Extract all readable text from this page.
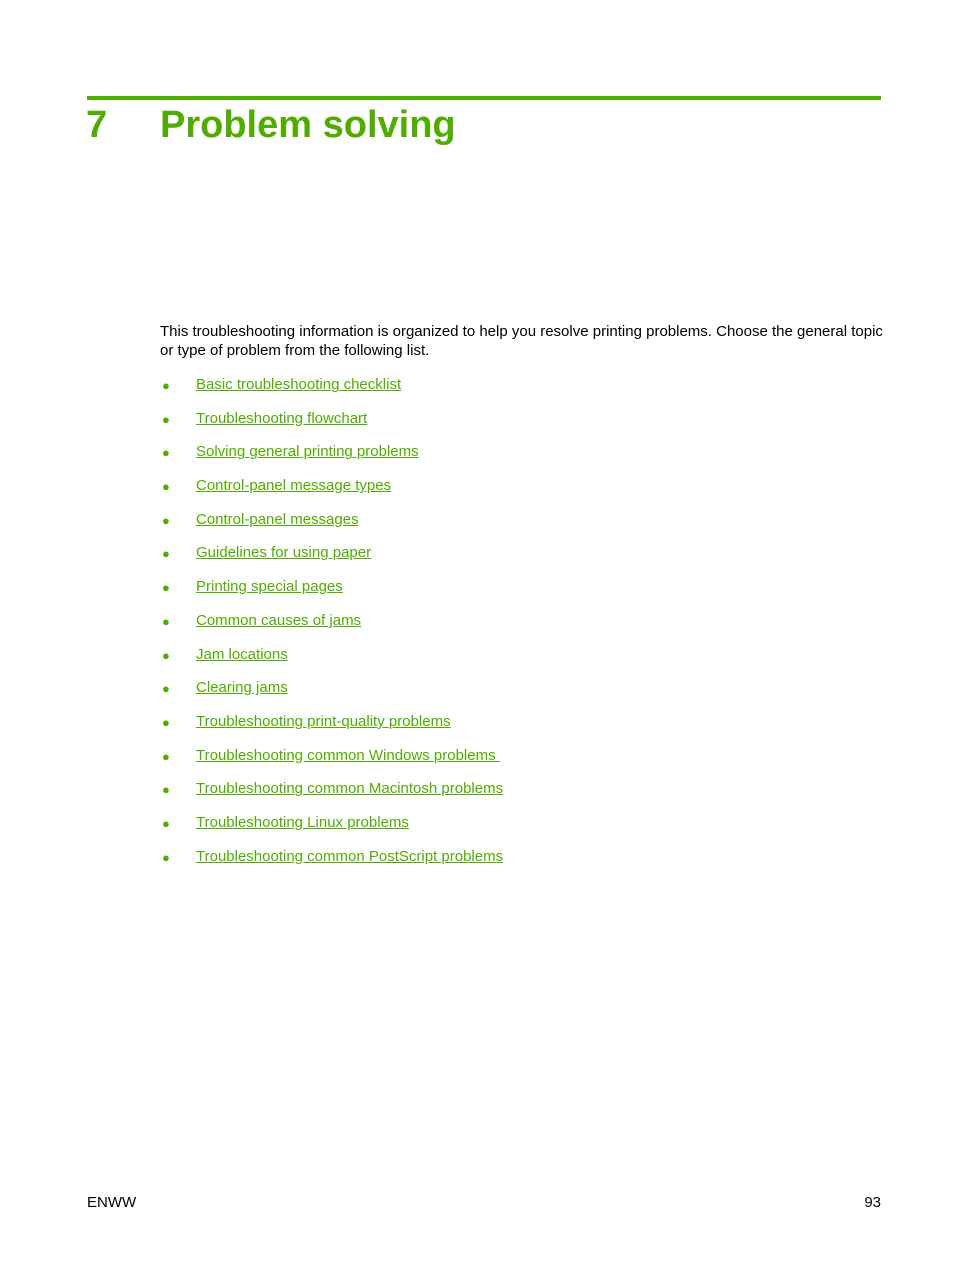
7 Problem solving

This troubleshooting information is organized to help you resolve printing problems. Choose the general topic or type of problem from the following list.

● Basic troubleshooting checklist
● Troubleshooting flowchart
● Solving general printing problems
● Control-panel message types
● Control-panel messages
● Guidelines for using paper
● Printing special pages
● Common causes of jams
● Jam locations
● Clearing jams
● Troubleshooting print-quality problems
● Troubleshooting common Windows problems
● Troubleshooting common Macintosh problems
● Troubleshooting Linux problems
● Troubleshooting common PostScript problems
ENWW	93
